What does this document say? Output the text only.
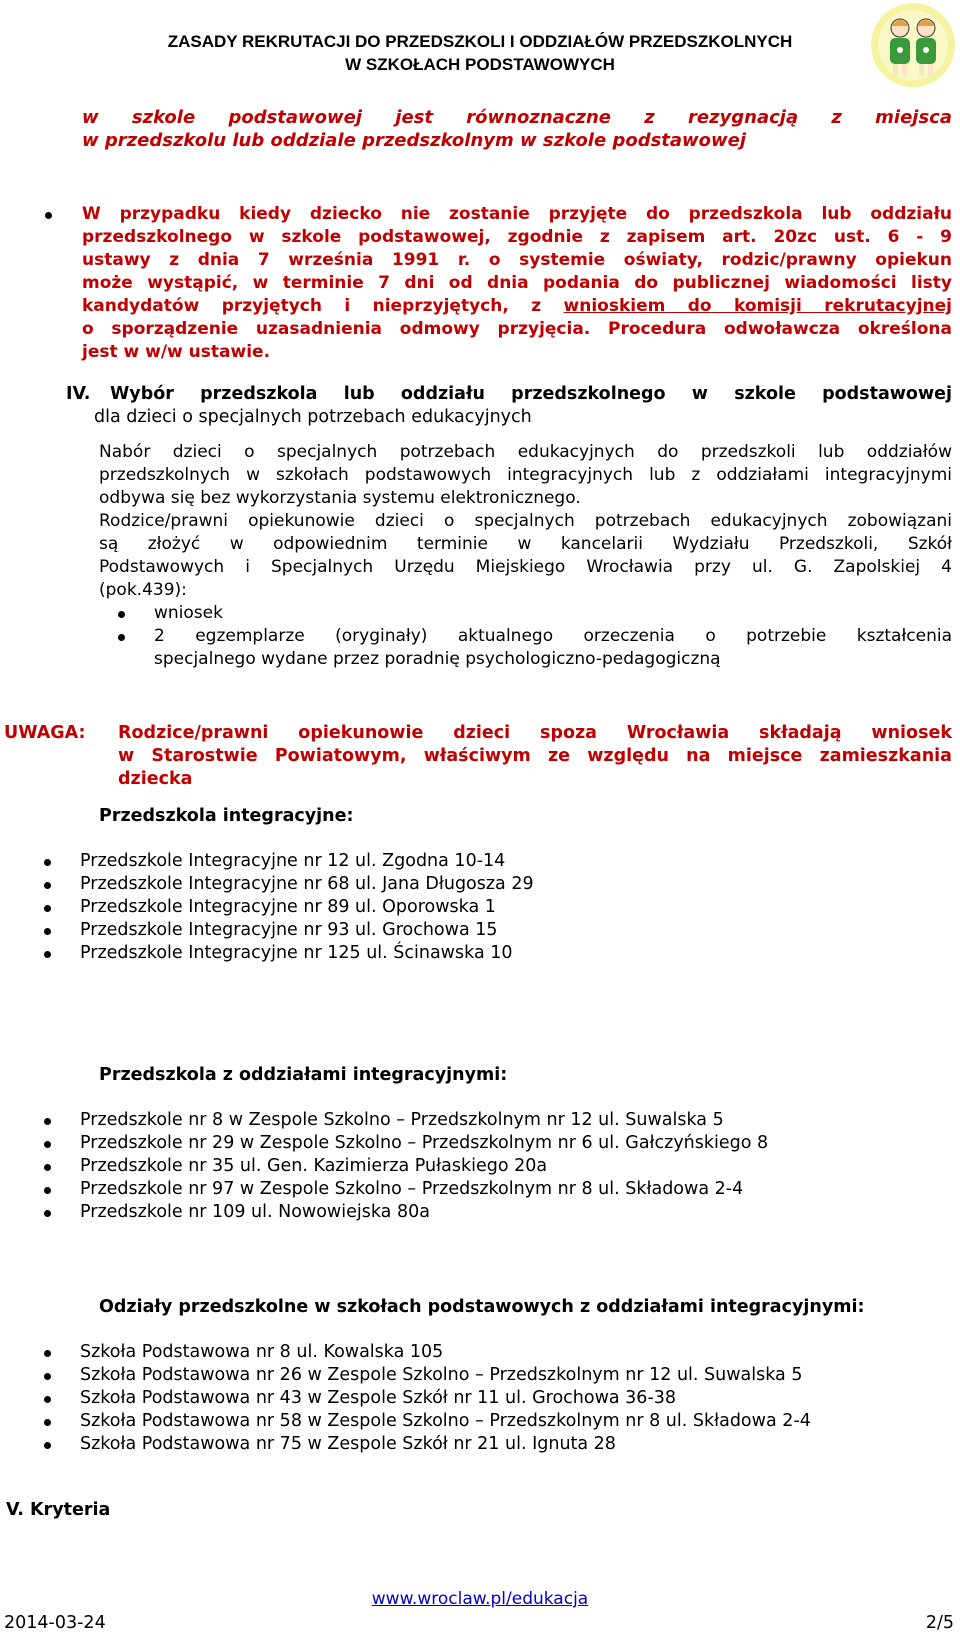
ZASADY REKRUTACJI DO PRZEDSZKOLI I ODDZIAŁÓW PRZEDSZKOLNYCH
W SZKOŁACH PODSTAWOWYCH
w szkole podstawowej jest równoznaczne z rezygnacją z miejsca
w przedszkolu lub oddziale przedszkolnym w szkole podstawowej
W przypadku kiedy dziecko nie zostanie przyjęte do przedszkola lub oddziału
przedszkolnego w szkole podstawowej, zgodnie z zapisem art. 20zc ust. 6 - 9
ustawy z dnia 7 września 1991 r. o systemie oświaty, rodzic/prawny opiekun
może wystąpić, w terminie 7 dni od dnia podania do publicznej wiadomości listy
kandydatów przyjętych i nieprzyjętych, z wnioskiem do komisji rekrutacyjnej
o sporządzenie uzasadnienia odmowy przyjęcia. Procedura odwoławcza określona
jest w w/w ustawie.
IV. Wybór przedszkola lub oddziału przedszkolnego w szkole podstawowej
dla dzieci o specjalnych potrzebach edukacyjnych
Nabór dzieci o specjalnych potrzebach edukacyjnych do przedszkoli lub oddziałów
przedszkolnych w szkołach podstawowych integracyjnych lub z oddziałami integracyjnymi
odbywa się bez wykorzystania systemu elektronicznego.
Rodzice/prawni opiekunowie dzieci o specjalnych potrzebach edukacyjnych zobowiązani
są złożyć w odpowiednim terminie w kancelarii Wydziału Przedszkoli, Szkół
Podstawowych i Specjalnych Urzędu Miejskiego Wrocławia przy ul. G. Zapolskiej 4
(pok.439):
wniosek
2 egzemplarze (oryginały) aktualnego orzeczenia o potrzebie kształcenia
specjalnego wydane przez poradnię psychologiczno-pedagogiczną
UWAGA: Rodzice/prawni opiekunowie dzieci spoza Wrocławia składają wniosek
w Starostwie Powiatowym, właściwym ze względu na miejsce zamieszkania
dziecka
Przedszkola integracyjne:
Przedszkole Integracyjne nr 12 ul. Zgodna 10-14
Przedszkole Integracyjne nr 68 ul. Jana Długosza 29
Przedszkole Integracyjne nr 89 ul. Oporowska 1
Przedszkole Integracyjne nr 93 ul. Grochowa 15
Przedszkole Integracyjne nr 125 ul. Ścinawska 10
Przedszkola z oddziałami integracyjnymi:
Przedszkole nr 8 w Zespole Szkolno – Przedszkolnym nr 12 ul. Suwalska 5
Przedszkole nr 29 w Zespole Szkolno – Przedszkolnym nr 6 ul. Gałczyńskiego 8
Przedszkole nr 35 ul. Gen. Kazimierza Pułaskiego 20a
Przedszkole nr 97 w Zespole Szkolno – Przedszkolnym nr 8 ul. Składowa 2-4
Przedszkole nr 109 ul. Nowowiejska 80a
Odziały przedszkolne w szkołach podstawowych z oddziałami integracyjnymi:
Szkoła Podstawowa nr 8 ul. Kowalska 105
Szkoła Podstawowa nr 26 w Zespole Szkolno – Przedszkolnym nr 12 ul. Suwalska 5
Szkoła Podstawowa nr 43 w Zespole Szkół nr 11 ul. Grochowa 36-38
Szkoła Podstawowa nr 58 w Zespole Szkolno – Przedszkolnym nr 8 ul. Składowa 2-4
Szkoła Podstawowa nr 75 w Zespole Szkół nr 21 ul. Ignuta 28
V. Kryteria
www.wroclaw.pl/edukacja
2014-03-24	2/5
